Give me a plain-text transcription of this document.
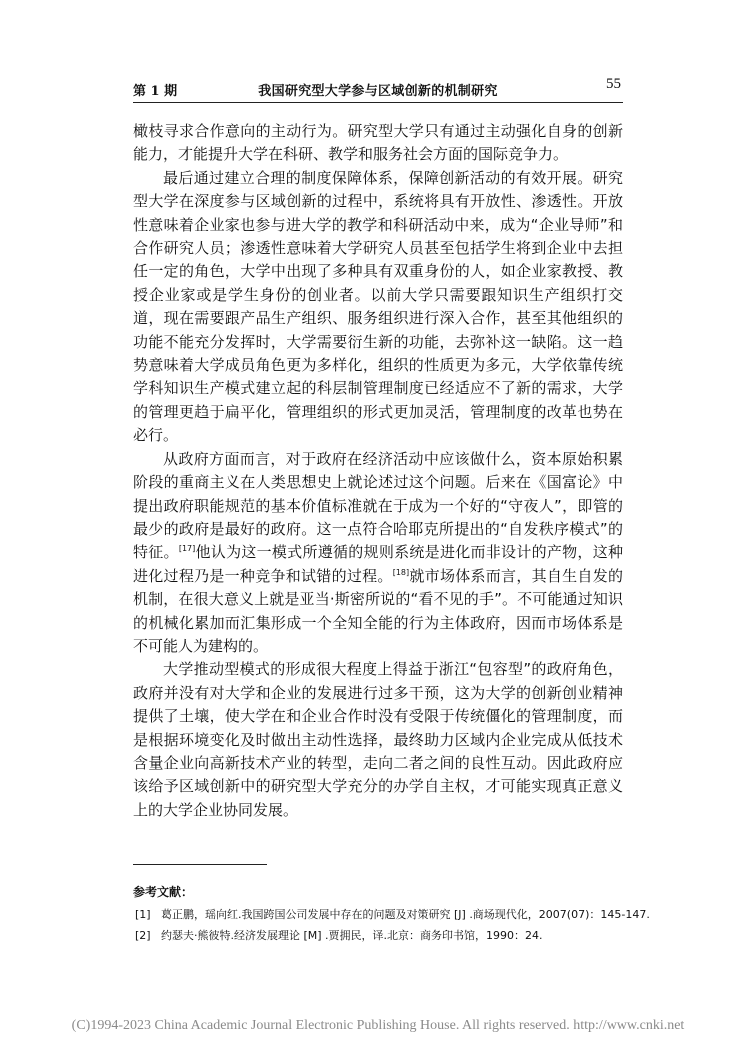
第 1 期	我国研究型大学参与区域创新的机制研究	55

橄枝寻求合作意向的主动行为。研究型大学只有通过主动强化自身的创新能力，才能提升大学在科研、教学和服务社会方面的国际竞争力。

最后通过建立合理的制度保障体系，保障创新活动的有效开展。研究型大学在深度参与区域创新的过程中，系统将具有开放性、渗透性。开放性意味着企业家也参与进大学的教学和科研活动中来，成为“企业导师”和合作研究人员；渗透性意味着大学研究人员甚至包括学生将到企业中去担任一定的角色，大学中出现了多种具有双重身份的人，如企业家教授、教授企业家或是学生身份的创业者。以前大学只需要跟知识生产组织打交道，现在需要跟产品生产组织、服务组织进行深入合作，甚至其他组织的功能不能充分发挥时，大学需要衍生新的功能，去弥补这一缺陷。这一趋势意味着大学成员角色更为多样化，组织的性质更为多元，大学依靠传统学科知识生产模式建立起的科层制管理制度已经适应不了新的需求，大学的管理更趋于扁平化，管理组织的形式更加灵活，管理制度的改革也势在必行。

从政府方面而言，对于政府在经济活动中应该做什么，资本原始积累阶段的重商主义在人类思想史上就论述过这个问题。后来在《国富论》中提出政府职能规范的基本价值标准就在于成为一个好的“守夜人”，即管的最少的政府是最好的政府。这一点符合哈耶克所提出的“自发秩序模式”的特征。[17]他认为这一模式所遵循的规则系统是进化而非设计的产物，这种进化过程乃是一种竞争和试错的过程。[18]就市场体系而言，其自生自发的机制，在很大意义上就是亚当·斯密所说的“看不见的手”。不可能通过知识的机械化累加而汇集形成一个全知全能的行为主体政府，因而市场体系是不可能人为建构的。

大学推动型模式的形成很大程度上得益于浙江“包容型”的政府角色，政府并没有对大学和企业的发展进行过多干预，这为大学的创新创业精神提供了土壤，使大学在和企业合作时没有受限于传统僵化的管理制度，而是根据环境变化及时做出主动性选择，最终助力区域内企业完成从低技术含量企业向高新技术产业的转型，走向二者之间的良性互动。因此政府应该给予区域创新中的研究型大学充分的办学自主权，才可能实现真正意义上的大学企业协同发展。

参考文献：
[1] 葛正鹏，瑶向红.我国跨国公司发展中存在的问题及对策研究 [J] .商场现代化，2007(07)：145-147.
[2] 约瑟夫·熊彼特.经济发展理论 [M] .贾拥民，译.北京：商务印书馆，1990：24.
(C)1994-2023 China Academic Journal Electronic Publishing House. All rights reserved. http://www.cnki.net
